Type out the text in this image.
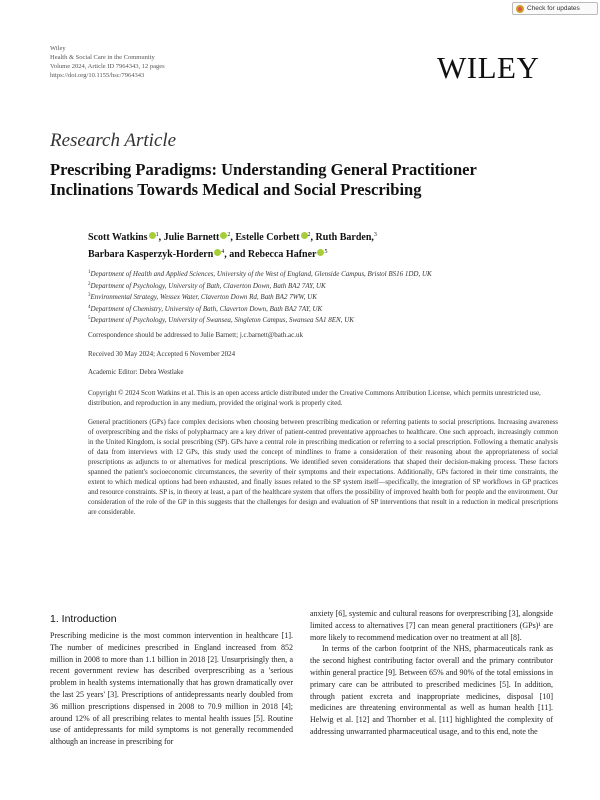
Check for updates
Wiley
Health & Social Care in the Community
Volume 2024, Article ID 7964343, 12 pages
https://doi.org/10.1155/hsc/7964343	WILEY
Research Article
Prescribing Paradigms: Understanding General Practitioner Inclinations Towards Medical and Social Prescribing
Scott Watkins $^1$, Julie Barnett $^2$, Estelle Corbett $^2$, Ruth Barden,$^3$
Barbara Kasperzyk-Hordern $^4$, and Rebecca Hafner $^5$
$^1$Department of Health and Applied Sciences, University of the West of England, Glenside Campus, Bristol BS16 1DD, UK
$^2$Department of Psychology, University of Bath, Claverton Down, Bath BA2 7AY, UK
$^3$Environmental Strategy, Wessex Water, Claverton Down Rd, Bath BA2 7WW, UK
$^4$Department of Chemistry, University of Bath, Claverton Down, Bath BA2 7AY, UK
$^5$Department of Psychology, University of Swansea, Singleton Campus, Swansea SA1 8EN, UK
Correspondence should be addressed to Julie Barnett; j.c.barnett@bath.ac.uk
Received 30 May 2024; Accepted 6 November 2024
Academic Editor: Debra Westlake
Copyright © 2024 Scott Watkins et al. This is an open access article distributed under the Creative Commons Attribution License, which permits unrestricted use, distribution, and reproduction in any medium, provided the original work is properly cited.
General practitioners (GPs) face complex decisions when choosing between prescribing medication or referring patients to social prescriptions. Increasing awareness of overprescribing and the risks of polypharmacy are a key driver of patient-centred preventative approaches to healthcare. One such approach, increasingly common in the United Kingdom, is social prescribing (SP). GPs have a central role in prescribing medication or referring to a social prescription. Following a thematic analysis of data from interviews with 12 GPs, this study used the concept of mindlines to frame a consideration of their reasoning about the appropriateness of social prescriptions as adjuncts to or alternatives for medical prescriptions. We identified seven considerations that shaped their decision-making process. These factors spanned the patient's socioeconomic circumstances, the severity of their symptoms and their expectations. Additionally, GPs factored in their time constraints, the extent to which medical options had been exhausted, and finally issues related to the SP system itself—specifically, the integration of SP workflows in GP practices and resource constraints. SP is, in theory at least, a part of the healthcare system that offers the possibility of improved health both for people and the environment. Our consideration of the role of the GP in this suggests that the challenges for design and evaluation of SP interventions that result in a reduction in medical prescriptions are considerable.
1. Introduction

Prescribing medicine is the most common intervention in healthcare [1]. The number of medicines prescribed in England increased from 852 million in 2008 to more than 1.1 billion in 2018 [2]. Unsurprisingly then, a recent government review has described overprescribing as a 'serious problem in health systems internationally that has grown dramatically over the last 25 years' [3]. Prescriptions of antidepressants nearly doubled from 36 million prescriptions dispensed in 2008 to 70.9 million in 2018 [4]; around 12% of all prescribing relates to mental health issues [5]. Routine use of antidepressants for mild symptoms is not generally recommended although an increase in prescribing for

anxiety [6], systemic and cultural reasons for overprescribing [3], alongside limited access to alternatives [7] can mean general practitioners (GPs)¹ are more likely to recommend medication over no treatment at all [8].

In terms of the carbon footprint of the NHS, pharmaceuticals rank as the second highest contributing factor overall and the primary contributor within general practice [9]. Between 65% and 90% of the total emissions in primary care can be attributed to prescribed medicines [5]. In addition, through patient excreta and inappropriate medicines, disposal [10] medicines are threatening environmental as well as human health [11]. Helwig et al. [12] and Thornber et al. [11] highlighted the complexity of addressing unwarranted pharmaceutical usage, and to this end, note the
